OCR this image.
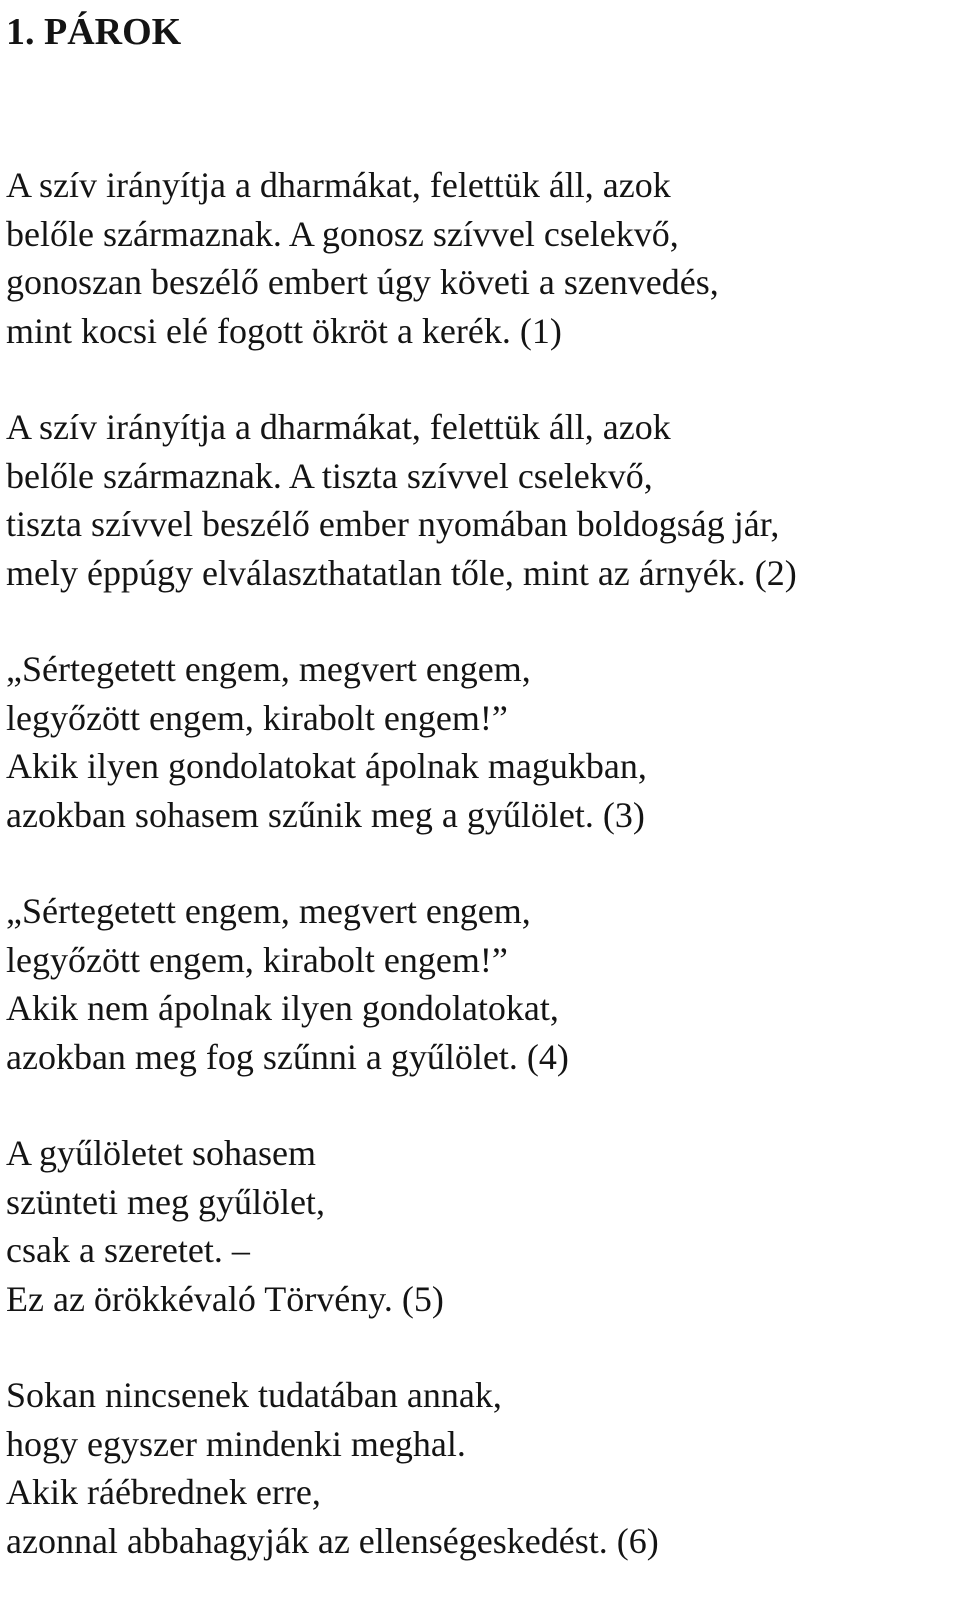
1. PÁROK
A szív irányítja a dharmákat, felettük áll, azok
belőle származnak. A gonosz szívvel cselekvő,
gonoszan beszélő embert úgy követi a szenvedés,
mint kocsi elé fogott ökröt a kerék. (1)
A szív irányítja a dharmákat, felettük áll, azok
belőle származnak. A tiszta szívvel cselekvő,
tiszta szívvel beszélő ember nyomában boldogság jár,
mely éppúgy elválaszthatatlan tőle, mint az árnyék. (2)
„Sértegetett engem, megvert engem,
legyőzött engem, kirabolt engem!”
Akik ilyen gondolatokat ápolnak magukban,
azokban sohasem szűnik meg a gyűlölet. (3)
„Sértegetett engem, megvert engem,
legyőzött engem, kirabolt engem!”
Akik nem ápolnak ilyen gondolatokat,
azokban meg fog szűnni a gyűlölet. (4)
A gyűlöletet sohasem
szünteti meg gyűlölet,
csak a szeretet. –
Ez az örökkévaló Törvény. (5)
Sokan nincsenek tudatában annak,
hogy egyszer mindenki meghal.
Akik ráébrednek erre,
azonnal abbahagyják az ellenségeskedést. (6)
